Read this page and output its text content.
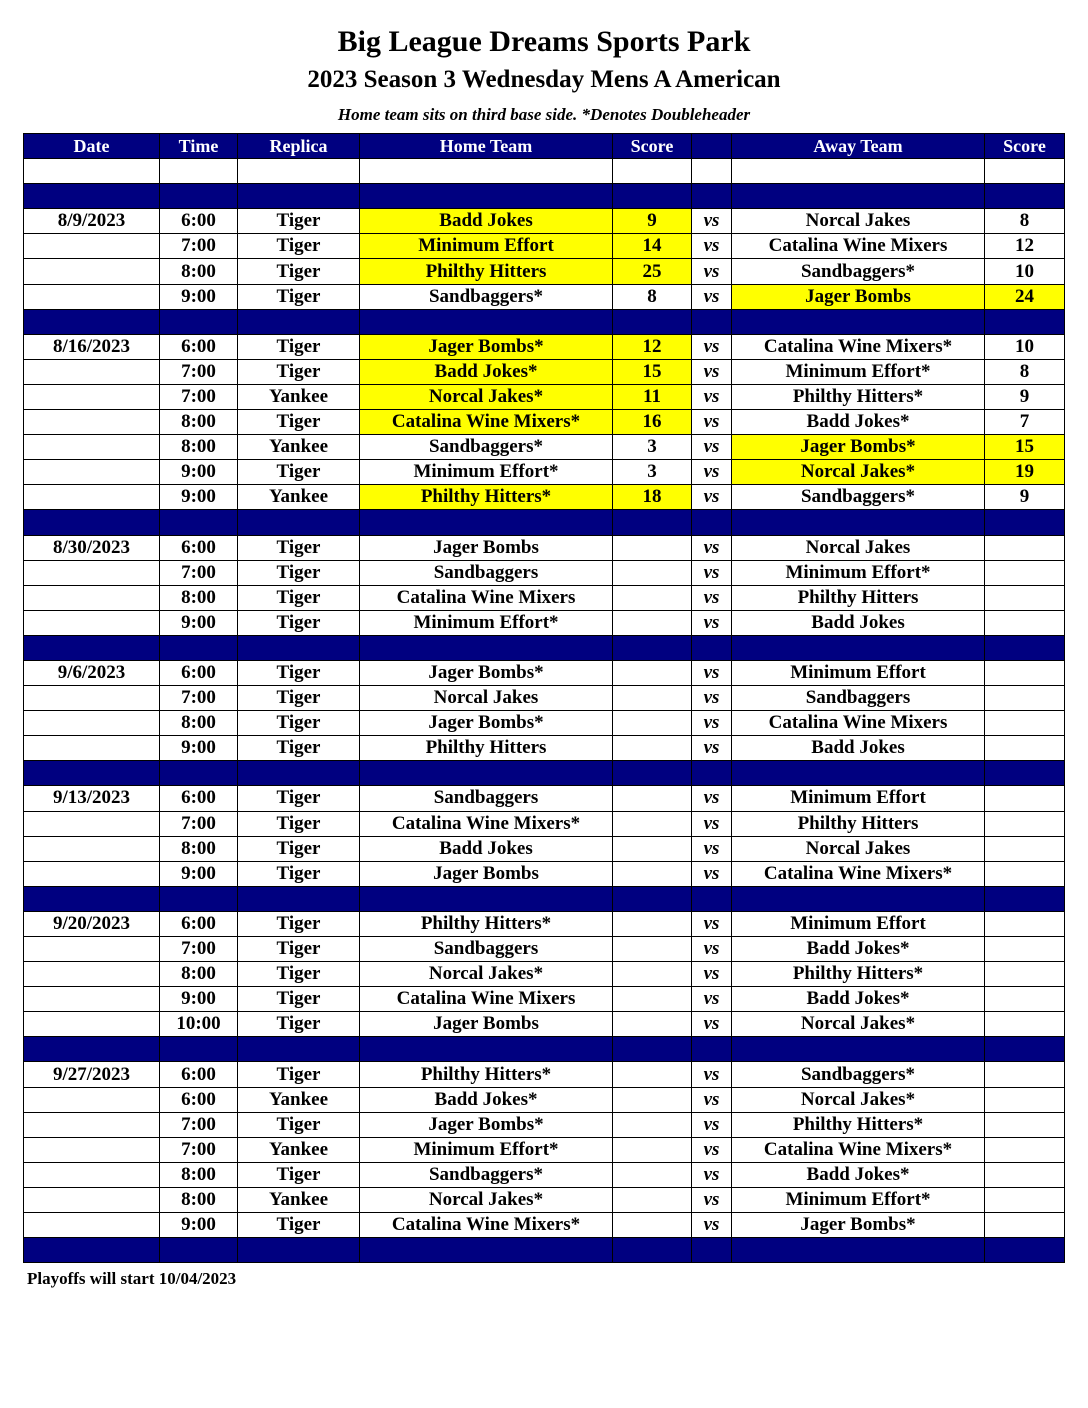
Big League Dreams Sports Park
2023 Season 3 Wednesday Mens A American
Home team sits on third base side. *Denotes Doubleheader
Date	Time	Replica	Home Team	Score		Away Team	Score

8/9/2023	6:00	Tiger	Badd Jokes	9	vs	Norcal Jakes	8
	7:00	Tiger	Minimum Effort	14	vs	Catalina Wine Mixers	12
	8:00	Tiger	Philthy Hitters	25	vs	Sandbaggers*	10
	9:00	Tiger	Sandbaggers*	8	vs	Jager Bombs	24

8/16/2023	6:00	Tiger	Jager Bombs*	12	vs	Catalina Wine Mixers*	10
	7:00	Tiger	Badd Jokes*	15	vs	Minimum Effort*	8
	7:00	Yankee	Norcal Jakes*	11	vs	Philthy Hitters*	9
	8:00	Tiger	Catalina Wine Mixers*	16	vs	Badd Jokes*	7
	8:00	Yankee	Sandbaggers*	3	vs	Jager Bombs*	15
	9:00	Tiger	Minimum Effort*	3	vs	Norcal Jakes*	19
	9:00	Yankee	Philthy Hitters*	18	vs	Sandbaggers*	9

8/30/2023	6:00	Tiger	Jager Bombs		vs	Norcal Jakes	
	7:00	Tiger	Sandbaggers		vs	Minimum Effort*	
	8:00	Tiger	Catalina Wine Mixers		vs	Philthy Hitters	
	9:00	Tiger	Minimum Effort*		vs	Badd Jokes	

9/6/2023	6:00	Tiger	Jager Bombs*		vs	Minimum Effort	
	7:00	Tiger	Norcal Jakes		vs	Sandbaggers	
	8:00	Tiger	Jager Bombs*		vs	Catalina Wine Mixers	
	9:00	Tiger	Philthy Hitters		vs	Badd Jokes	

9/13/2023	6:00	Tiger	Sandbaggers		vs	Minimum Effort	
	7:00	Tiger	Catalina Wine Mixers*		vs	Philthy Hitters	
	8:00	Tiger	Badd Jokes		vs	Norcal Jakes	
	9:00	Tiger	Jager Bombs		vs	Catalina Wine Mixers*	

9/20/2023	6:00	Tiger	Philthy Hitters*		vs	Minimum Effort	
	7:00	Tiger	Sandbaggers		vs	Badd Jokes*	
	8:00	Tiger	Norcal Jakes*		vs	Philthy Hitters*	
	9:00	Tiger	Catalina Wine Mixers		vs	Badd Jokes*	
	10:00	Tiger	Jager Bombs		vs	Norcal Jakes*	

9/27/2023	6:00	Tiger	Philthy Hitters*		vs	Sandbaggers*	
	6:00	Yankee	Badd Jokes*		vs	Norcal Jakes*	
	7:00	Tiger	Jager Bombs*		vs	Philthy Hitters*	
	7:00	Yankee	Minimum Effort*		vs	Catalina Wine Mixers*	
	8:00	Tiger	Sandbaggers*		vs	Badd Jokes*	
	8:00	Yankee	Norcal Jakes*		vs	Minimum Effort*	
	9:00	Tiger	Catalina Wine Mixers*		vs	Jager Bombs*	

Playoffs will start 10/04/2023
